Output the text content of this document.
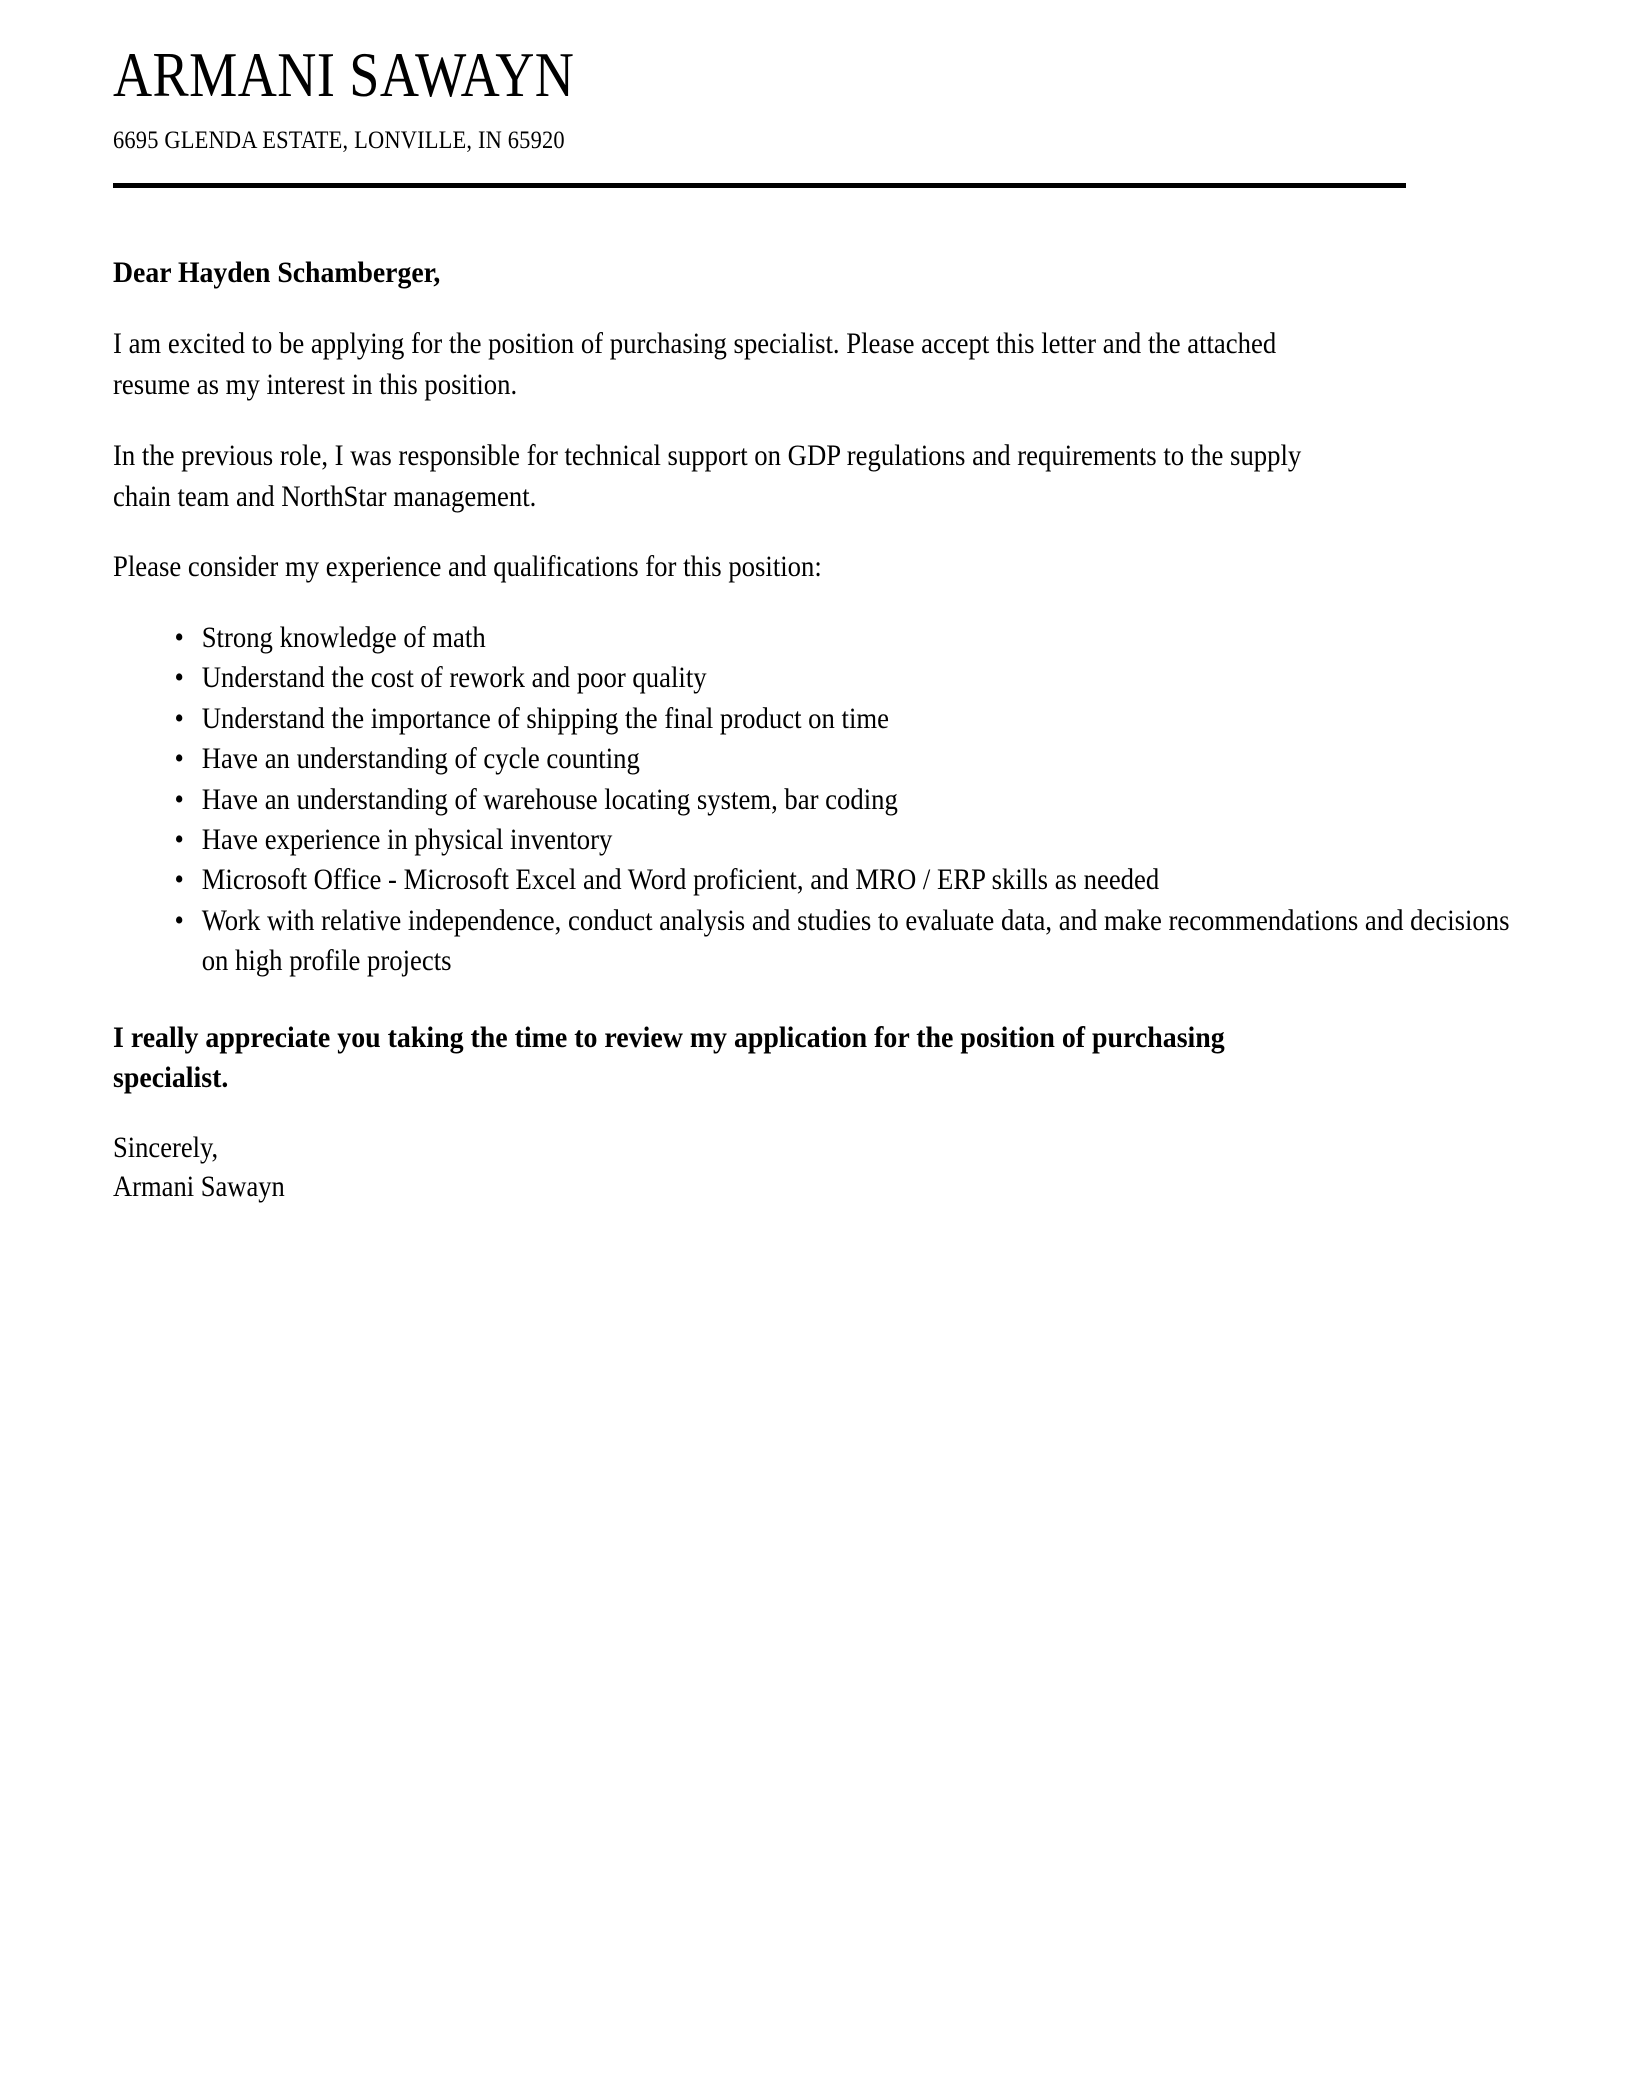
ARMANI SAWAYN
6695 GLENDA ESTATE, LONVILLE, IN 65920

Dear Hayden Schamberger,

I am excited to be applying for the position of purchasing specialist. Please accept this letter and the attached resume as my interest in this position.

In the previous role, I was responsible for technical support on GDP regulations and requirements to the supply chain team and NorthStar management.

Please consider my experience and qualifications for this position:

• Strong knowledge of math
• Understand the cost of rework and poor quality
• Understand the importance of shipping the final product on time
• Have an understanding of cycle counting
• Have an understanding of warehouse locating system, bar coding
• Have experience in physical inventory
• Microsoft Office - Microsoft Excel and Word proficient, and MRO / ERP skills as needed
• Work with relative independence, conduct analysis and studies to evaluate data, and make recommendations and decisions on high profile projects

I really appreciate you taking the time to review my application for the position of purchasing specialist.

Sincerely,
Armani Sawayn
